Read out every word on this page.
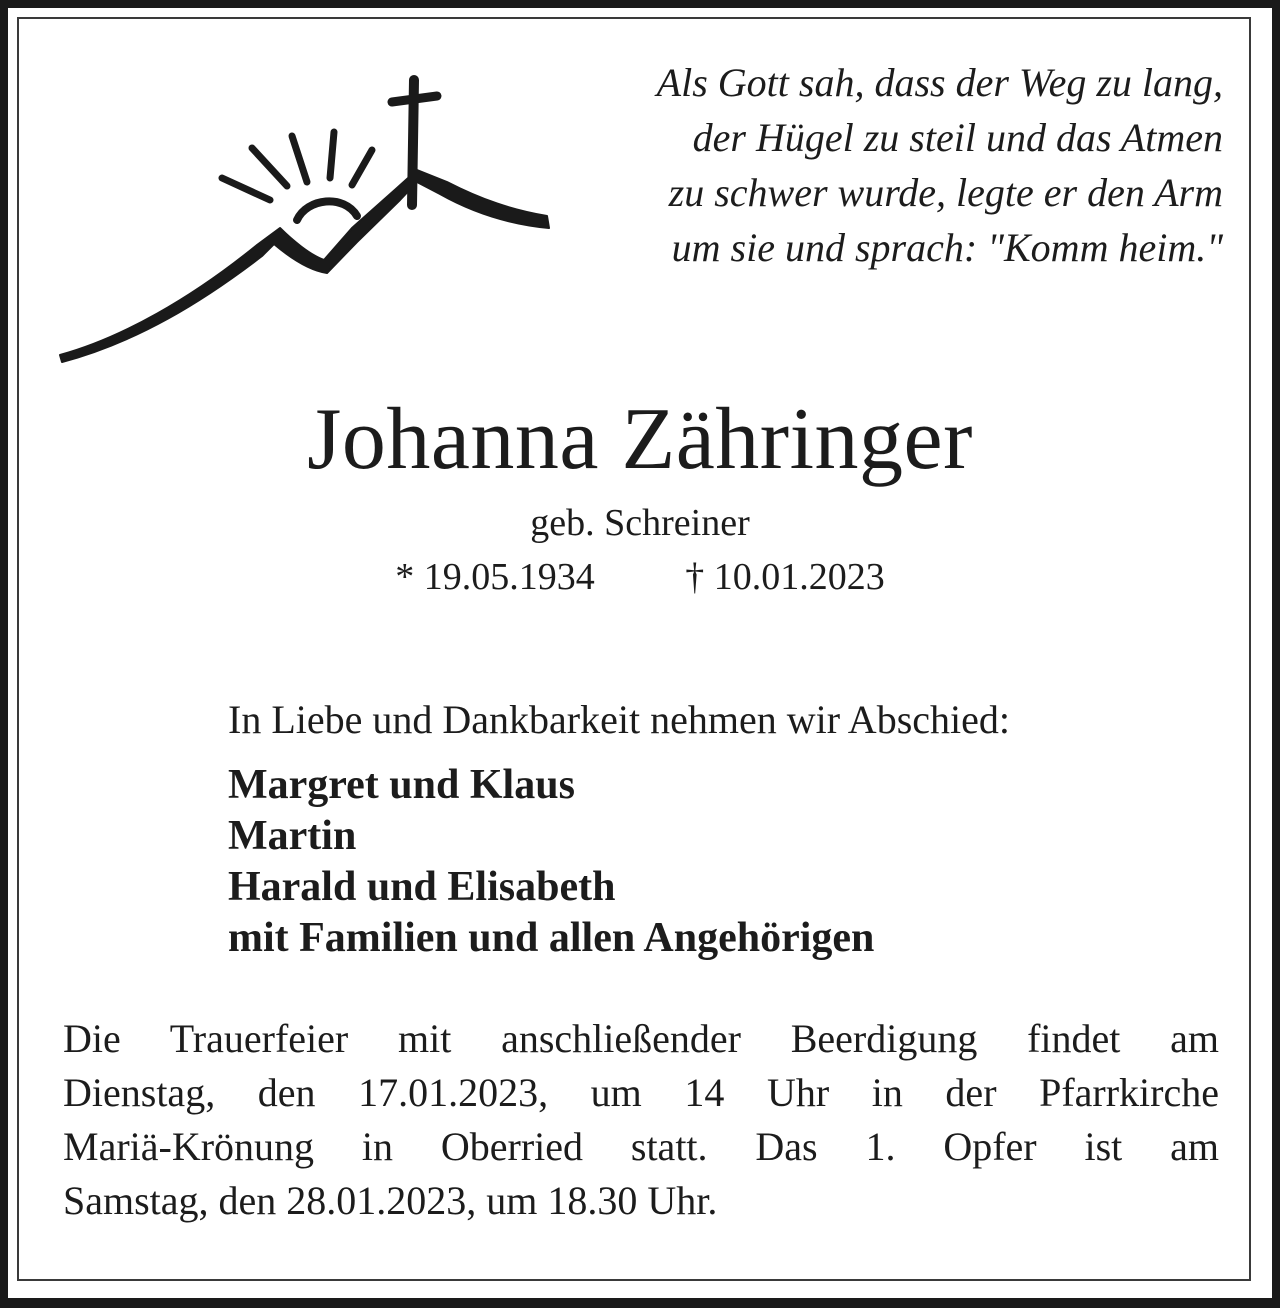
Als Gott sah, dass der Weg zu lang,
der Hügel zu steil und das Atmen
zu schwer wurde, legte er den Arm
um sie und sprach: "Komm heim."
Johanna Zähringer
geb. Schreiner
* 19.05.1934 † 10.01.2023
In Liebe und Dankbarkeit nehmen wir Abschied:
Margret und Klaus
Martin
Harald und Elisabeth
mit Familien und allen Angehörigen
Die Trauerfeier mit anschließender Beerdigung findet am
Dienstag, den 17.01.2023, um 14 Uhr in der Pfarrkirche
Mariä-Krönung in Oberried statt. Das 1. Opfer ist am
Samstag, den 28.01.2023, um 18.30 Uhr.
